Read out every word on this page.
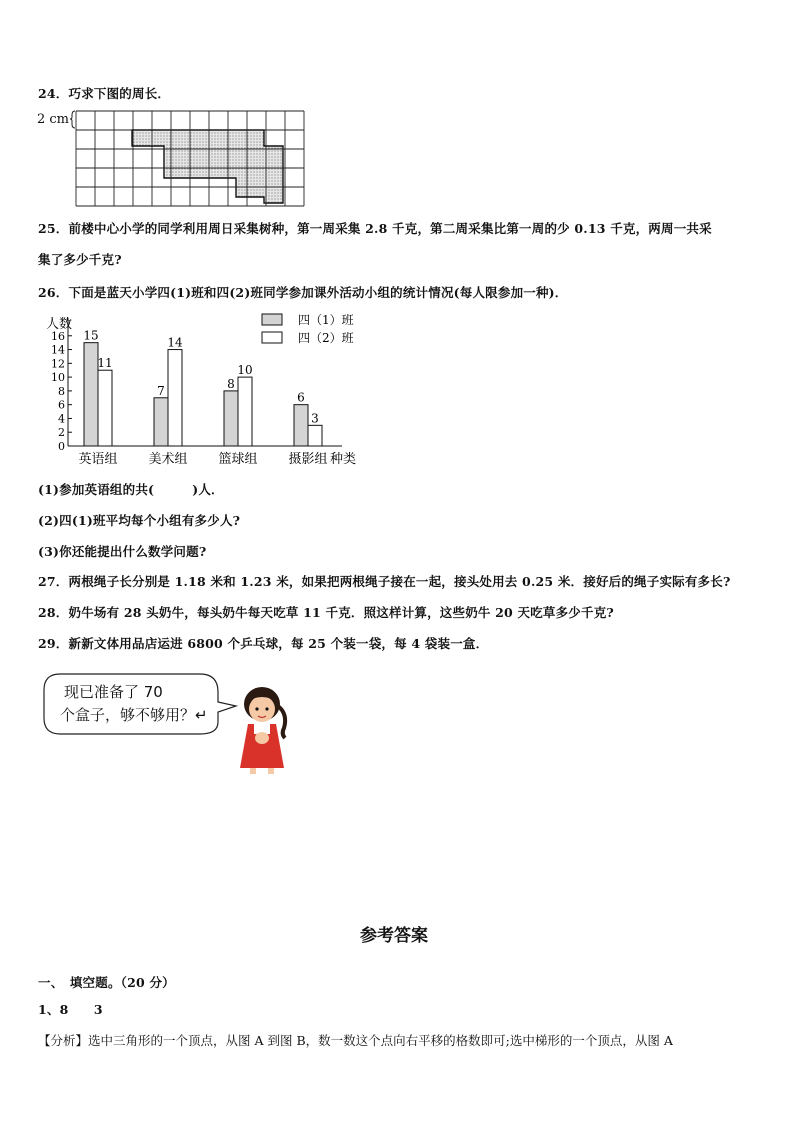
24．巧求下图的周长．
2 cm
25．前楼中心小学的同学利用周日采集树种，第一周采集 2.8 千克，第二周采集比第一周的少 0.13 千克，两周一共采
集了多少千克?
26．下面是蓝天小学四(1)班和四(2)班同学参加课外活动小组的统计情况(每人限参加一种)．
人数
种类
0
2
4
6
8
10
12
14
16 15
11
英语组
7
14
美术组
8
10
篮球组
6
3
摄影组
四（1）班
四（2）班
(1)参加英语组的共(　　　)人．
(2)四(1)班平均每个小组有多少人?
(3)你还能提出什么数学问题?
27．两根绳子长分别是 1.18 米和 1.23 米，如果把两根绳子接在一起，接头处用去 0.25 米．接好后的绳子实际有多长?
28．奶牛场有 28 头奶牛，每头奶牛每天吃草 11 千克．照这样计算，这些奶牛 20 天吃草多少千克?
29．新新文体用品店运进 6800 个乒乓球，每 25 个装一袋，每 4 袋装一盒．
现已准备了 70
个盒子，够不够用？↵
参考答案
一、　填空题。（20 分）
1、8　　3
【分析】选中三角形的一个顶点，从图 A 到图 B，数一数这个点向右平移的格数即可;选中梯形的一个顶点，从图 A
